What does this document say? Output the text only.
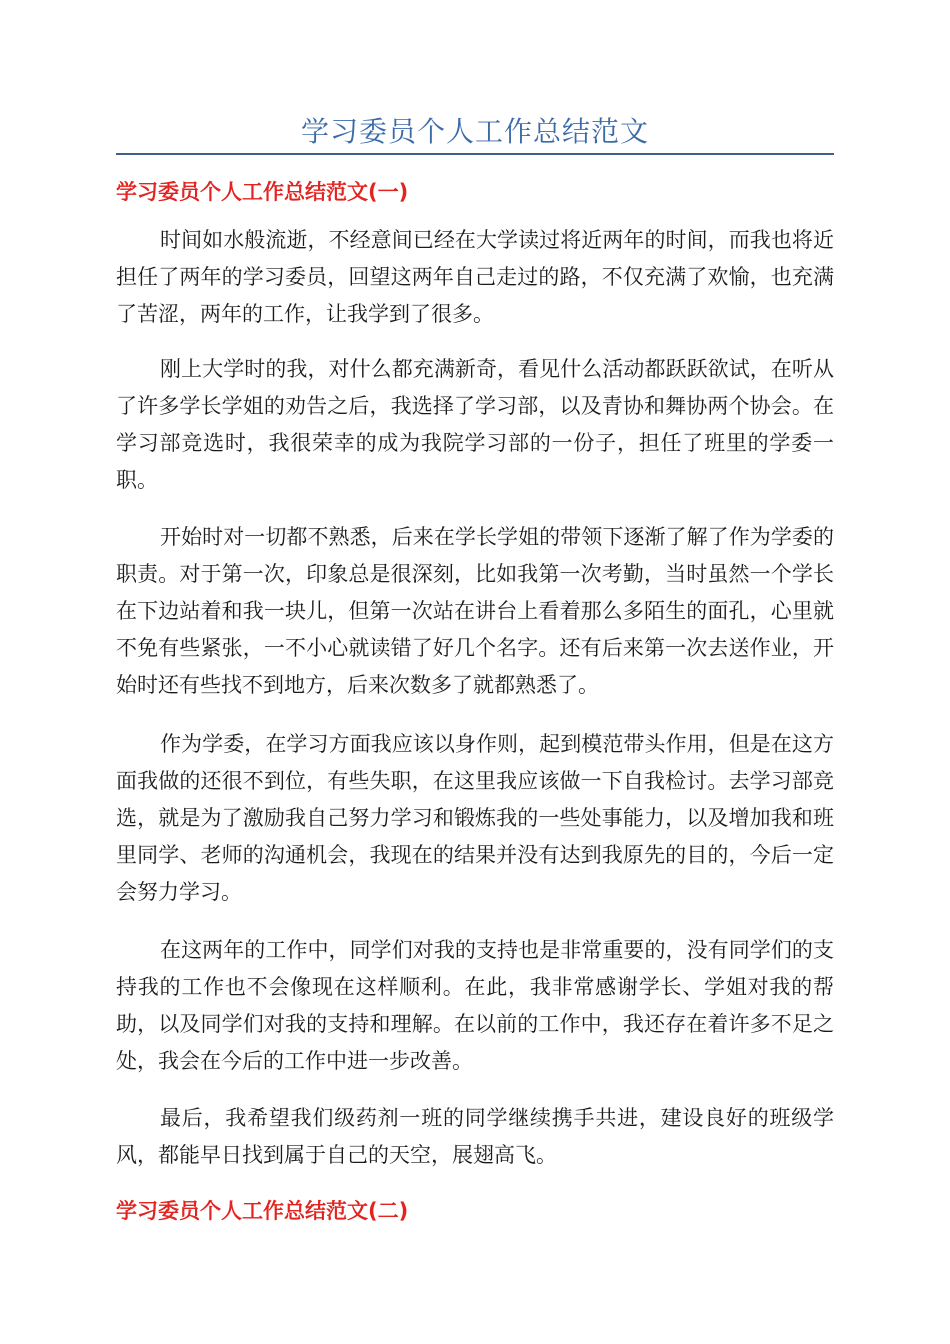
学习委员个人工作总结范文
学习委员个人工作总结范文(一)

时间如水般流逝，不经意间已经在大学读过将近两年的时间，而我也将近担任了两年的学习委员，回望这两年自己走过的路，不仅充满了欢愉，也充满了苦涩，两年的工作，让我学到了很多。

刚上大学时的我，对什么都充满新奇，看见什么活动都跃跃欲试，在听从了许多学长学姐的劝告之后，我选择了学习部，以及青协和舞协两个协会。在学习部竞选时，我很荣幸的成为我院学习部的一份子，担任了班里的学委一职。

开始时对一切都不熟悉，后来在学长学姐的带领下逐渐了解了作为学委的职责。对于第一次，印象总是很深刻，比如我第一次考勤，当时虽然一个学长在下边站着和我一块儿，但第一次站在讲台上看着那么多陌生的面孔，心里就不免有些紧张，一不小心就读错了好几个名字。还有后来第一次去送作业，开始时还有些找不到地方，后来次数多了就都熟悉了。

作为学委，在学习方面我应该以身作则，起到模范带头作用，但是在这方面我做的还很不到位，有些失职，在这里我应该做一下自我检讨。去学习部竞选，就是为了激励我自己努力学习和锻炼我的一些处事能力，以及增加我和班里同学、老师的沟通机会，我现在的结果并没有达到我原先的目的，今后一定会努力学习。

在这两年的工作中，同学们对我的支持也是非常重要的，没有同学们的支持我的工作也不会像现在这样顺利。在此，我非常感谢学长、学姐对我的帮助，以及同学们对我的支持和理解。在以前的工作中，我还存在着许多不足之处，我会在今后的工作中进一步改善。

最后，我希望我们级药剂一班的同学继续携手共进，建设良好的班级学风，都能早日找到属于自己的天空，展翅高飞。

学习委员个人工作总结范文(二)
